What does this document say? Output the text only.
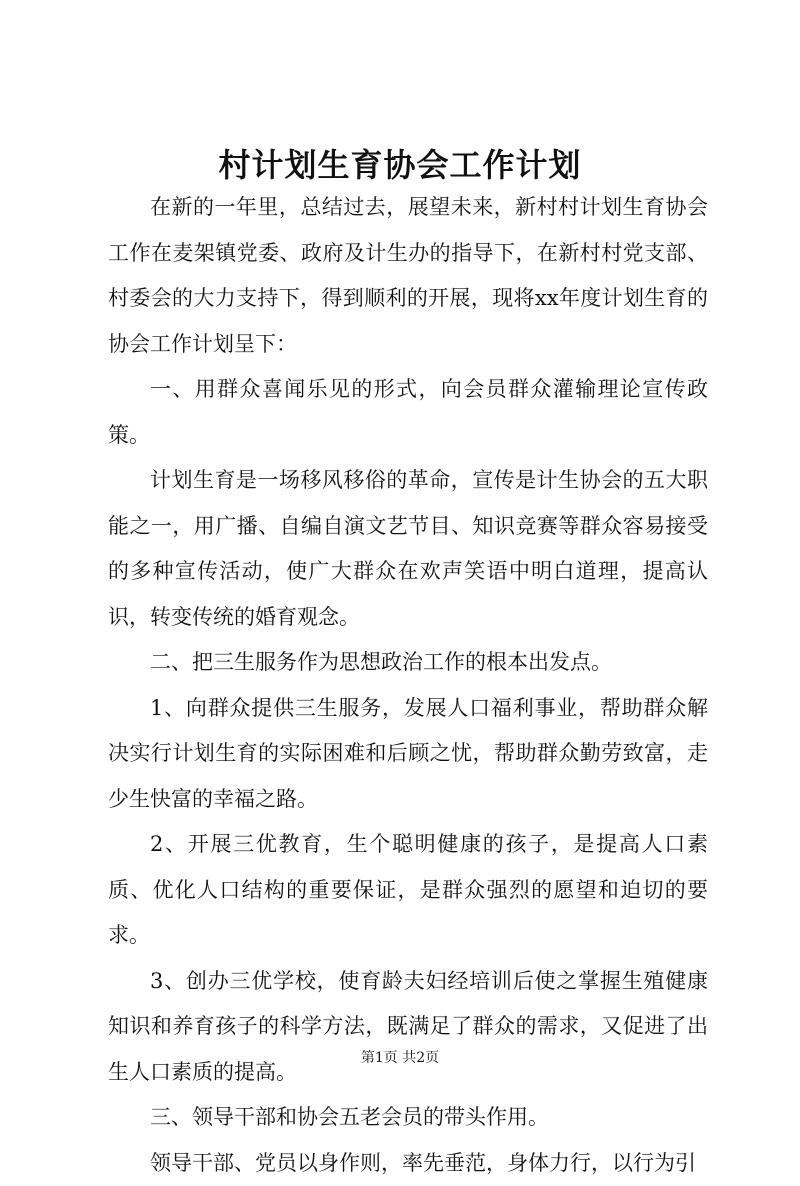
村计划生育协会工作计划

在新的一年里，总结过去，展望未来，新村村计划生育协会工作在麦架镇党委、政府及计生办的指导下，在新村村党支部、村委会的大力支持下，得到顺利的开展，现将xx年度计划生育的协会工作计划呈下：

一、用群众喜闻乐见的形式，向会员群众灌输理论宣传政策。

计划生育是一场移风移俗的革命，宣传是计生协会的五大职能之一，用广播、自编自演文艺节目、知识竞赛等群众容易接受的多种宣传活动，使广大群众在欢声笑语中明白道理，提高认识，转变传统的婚育观念。

二、把三生服务作为思想政治工作的根本出发点。

1、向群众提供三生服务，发展人口福利事业，帮助群众解决实行计划生育的实际困难和后顾之忧，帮助群众勤劳致富，走少生快富的幸福之路。

2、开展三优教育，生个聪明健康的孩子，是提高人口素质、优化人口结构的重要保证，是群众强烈的愿望和迫切的要求。

3、创办三优学校，使育龄夫妇经培训后使之掌握生殖健康知识和养育孩子的科学方法，既满足了群众的需求，又促进了出生人口素质的提高。

三、领导干部和协会五老会员的带头作用。

领导干部、党员以身作则，率先垂范，身体力行，以行为引

第1页 共2页
